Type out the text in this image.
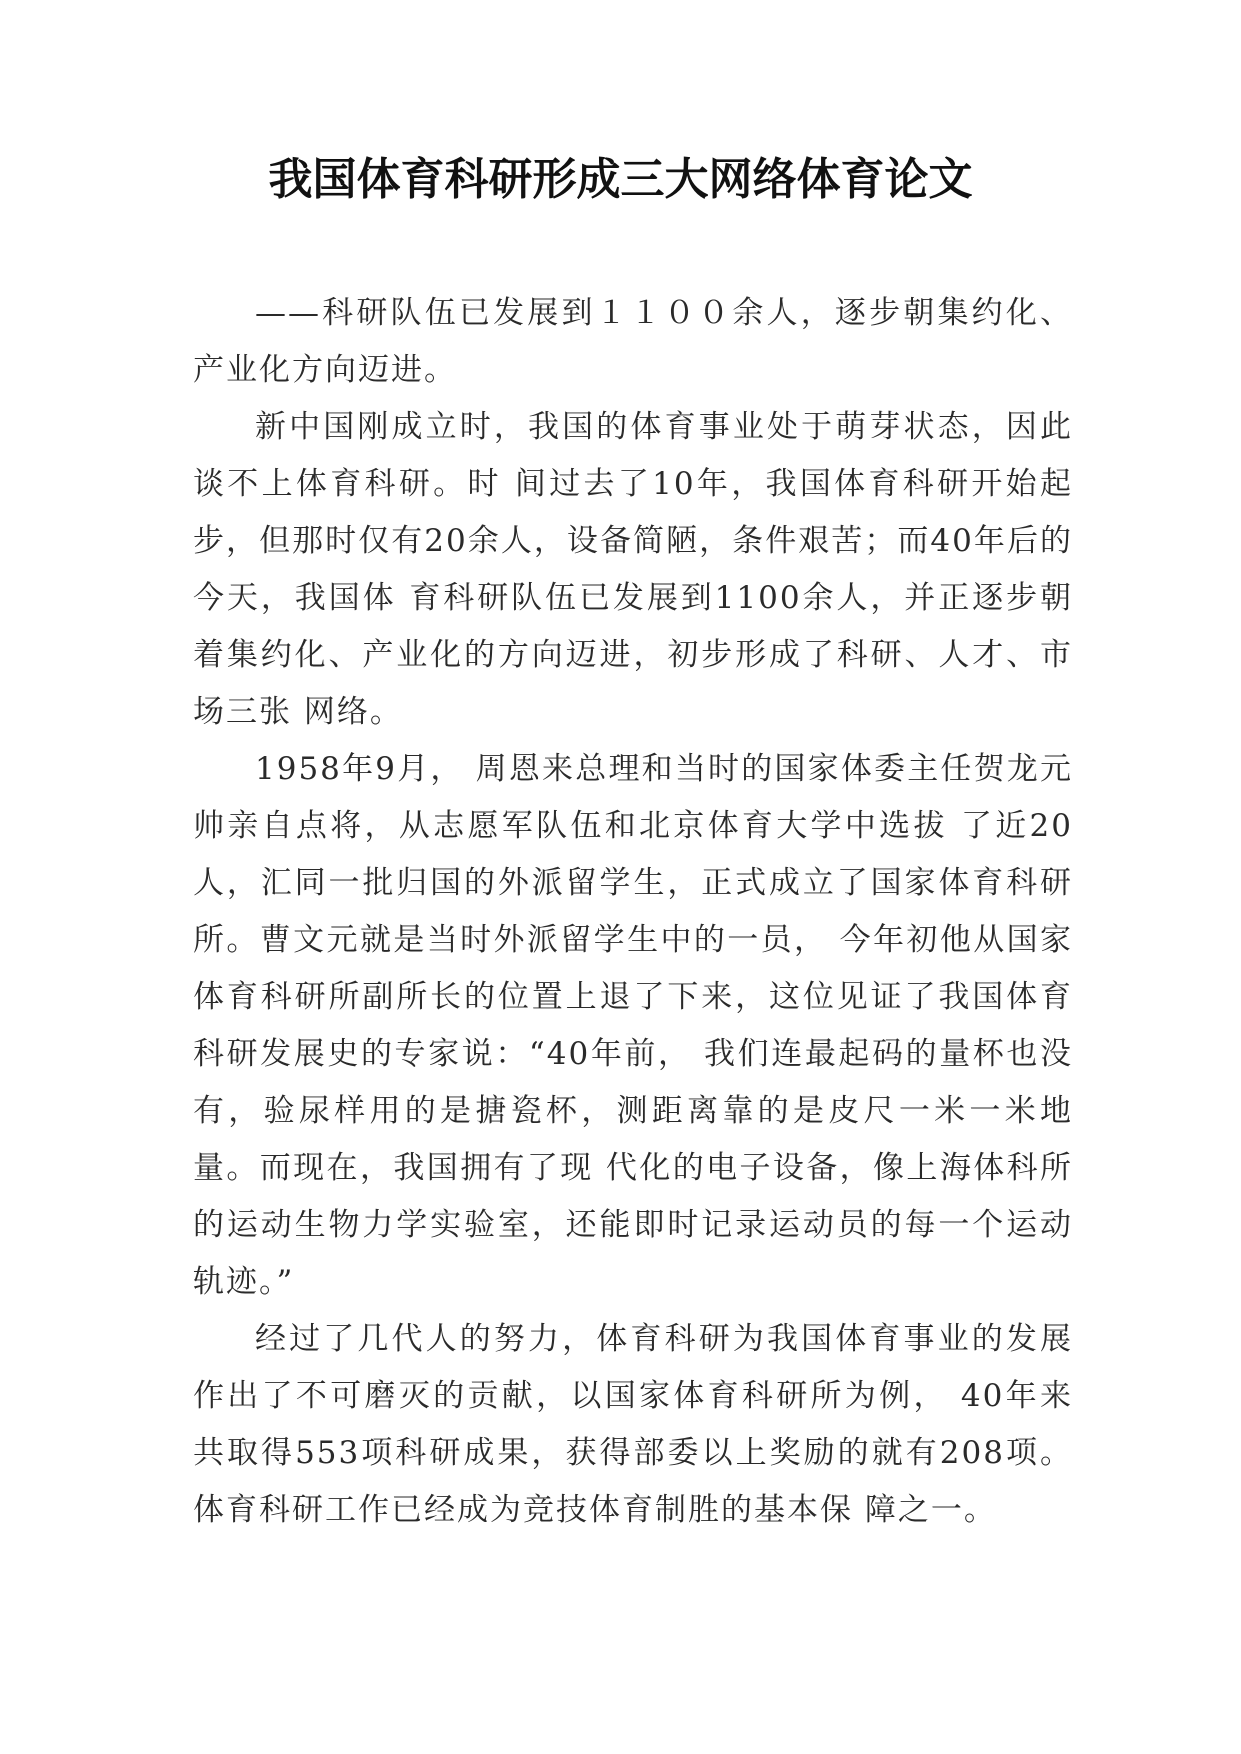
我国体育科研形成三大网络体育论文

——科研队伍已发展到１１００余人，逐步朝集约化、产业化方向迈进。

新中国刚成立时，我国的体育事业处于萌芽状态，因此谈不上体育科研。时 间过去了10年，我国体育科研开始起步，但那时仅有20余人，设备简陋，条件艰苦；而40年后的今天，我国体 育科研队伍已发展到1100余人，并正逐步朝着集约化、产业化的方向迈进，初步形成了科研、人才、市场三张 网络。

1958年9月， 周恩来总理和当时的国家体委主任贺龙元帅亲自点将，从志愿军队伍和北京体育大学中选拔 了近20人，汇同一批归国的外派留学生，正式成立了国家体育科研所。曹文元就是当时外派留学生中的一员， 今年初他从国家体育科研所副所长的位置上退了下来，这位见证了我国体育科研发展史的专家说：“40年前， 我们连最起码的量杯也没有，验尿样用的是搪瓷杯，测距离靠的是皮尺一米一米地量。而现在，我国拥有了现 代化的电子设备，像上海体科所的运动生物力学实验室，还能即时记录运动员的每一个运动轨迹。”

经过了几代人的努力，体育科研为我国体育事业的发展作出了不可磨灭的贡献，以国家体育科研所为例， 40年来共取得553项科研成果，获得部委以上奖励的就有208项。体育科研工作已经成为竞技体育制胜的基本保 障之一。
